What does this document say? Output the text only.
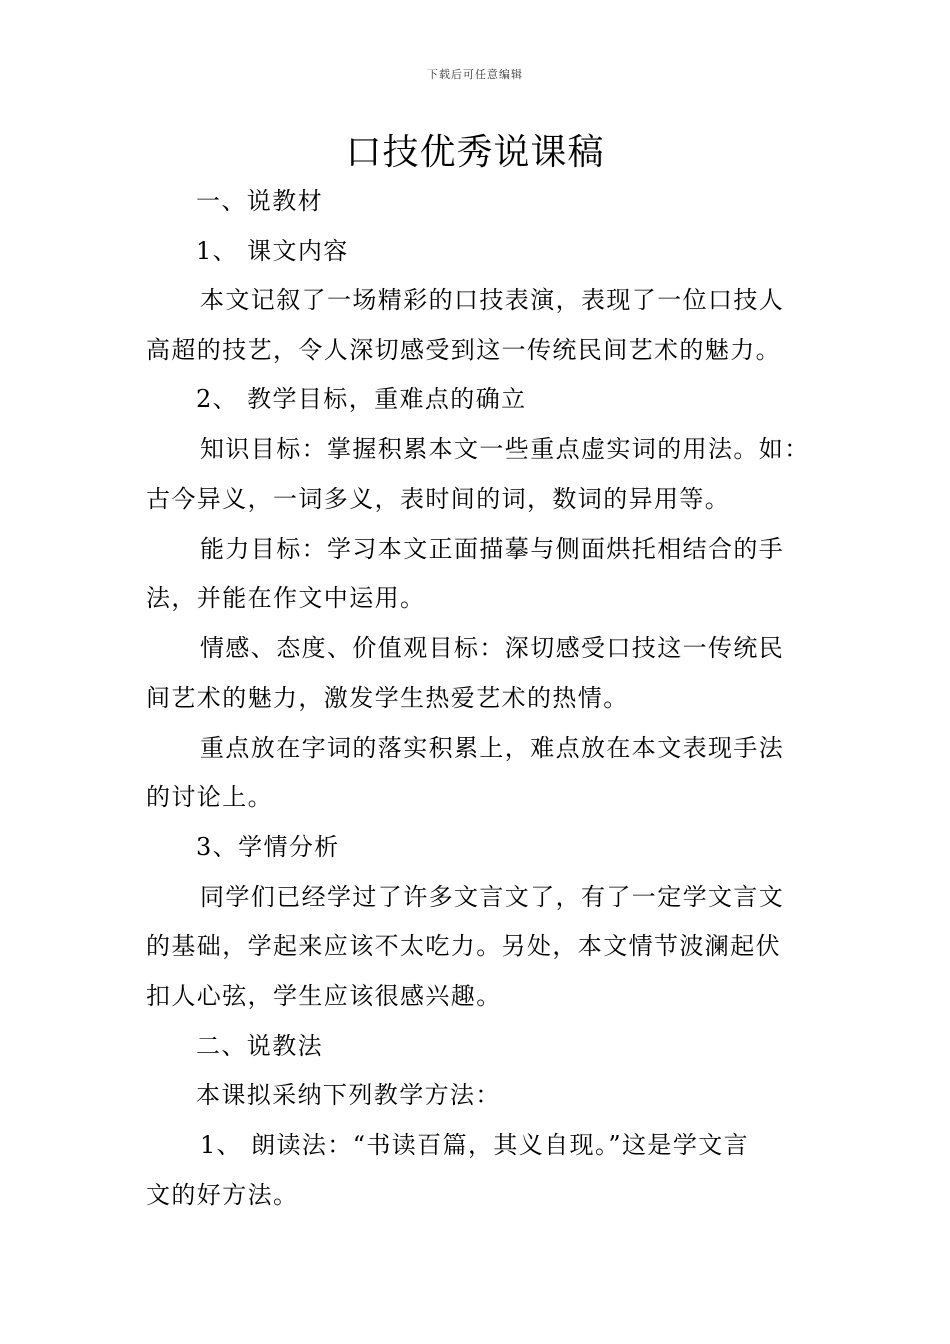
下载后可任意编辑
口技优秀说课稿
一、说教材
1、 课文内容
本文记叙了一场精彩的口技表演，表现了一位口技人
高超的技艺，令人深切感受到这一传统民间艺术的魅力。
2、 教学目标，重难点的确立
知识目标：掌握积累本文一些重点虚实词的用法。如：
古今异义，一词多义，表时间的词，数词的异用等。
能力目标：学习本文正面描摹与侧面烘托相结合的手
法，并能在作文中运用。
情感、态度、价值观目标：深切感受口技这一传统民
间艺术的魅力，激发学生热爱艺术的热情。
重点放在字词的落实积累上，难点放在本文表现手法
的讨论上。
3、学情分析
同学们已经学过了许多文言文了，有了一定学文言文
的基础，学起来应该不太吃力。另处，本文情节波澜起伏
扣人心弦，学生应该很感兴趣。
二、说教法
本课拟采纳下列教学方法：
1、 朗读法：“书读百篇，其义自现。”这是学文言
文的好方法。
